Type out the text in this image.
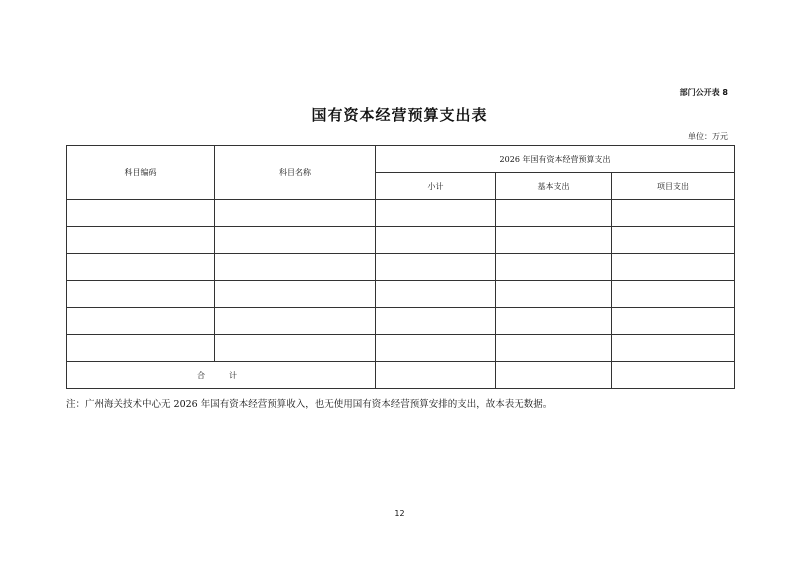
部门公开表 8
国有资本经营预算支出表
单位：万元
科目编码	科目名称	2026 年国有资本经营预算支出		
		小计	基本支出	项目支出

合　计				
注：广州海关技术中心无 2026 年国有资本经营预算收入，也无使用国有资本经营预算安排的支出，故本表无数据。
12
